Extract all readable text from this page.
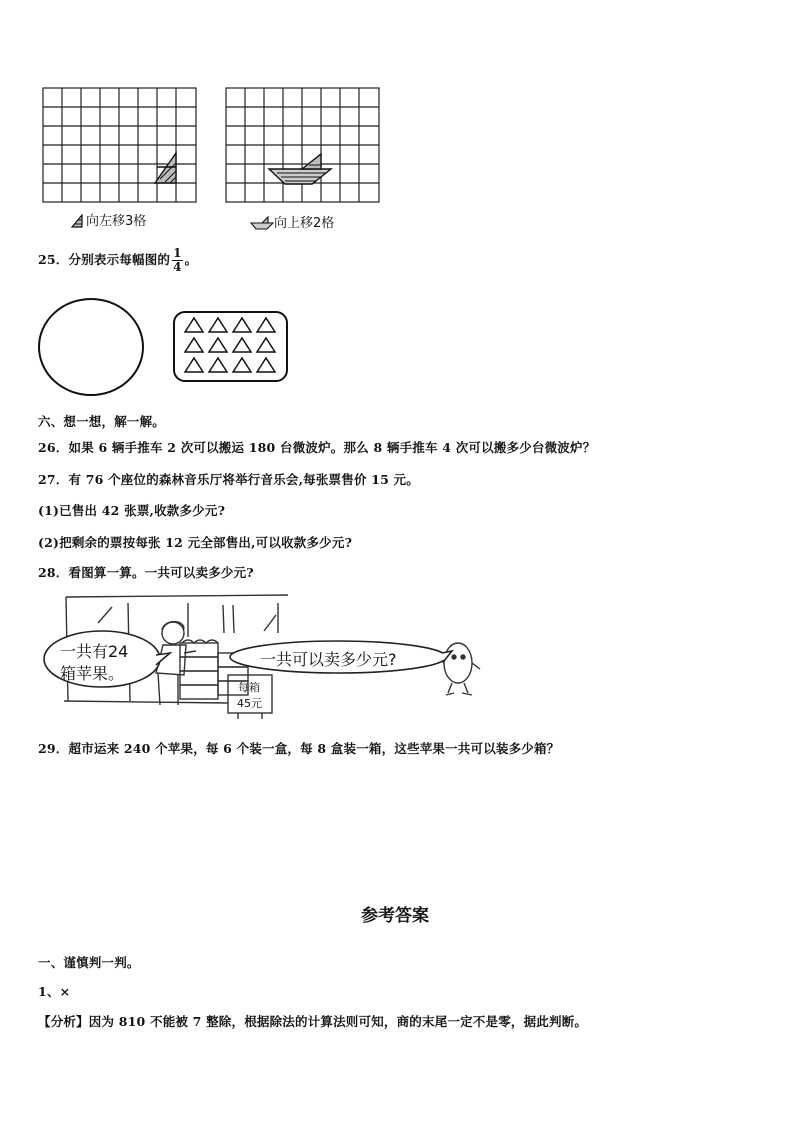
向左移3格	向上移2格
25．分别表示每幅图的 $\frac{1}{4}$ 。
六、想一想，解一解。
26．如果 6 辆手推车 2 次可以搬运 180 台微波炉。那么 8 辆手推车 4 次可以搬多少台微波炉？
27．有 76 个座位的森林音乐厅将举行音乐会,每张票售价 15 元。
(1)已售出 42 张票,收款多少元?
(2)把剩余的票按每张 12 元全部售出,可以收款多少元?
28．看图算一算。一共可以卖多少元?
一共有24
箱苹果。
一共可以卖多少元?
每箱
45元
29．超市运来 240 个苹果，每 6 个装一盒，每 8 盒装一箱，这些苹果一共可以装多少箱？
参考答案
一、谨慎判一判。
1、×
【分析】因为 810 不能被 7 整除，根据除法的计算法则可知，商的末尾一定不是零，据此判断。
